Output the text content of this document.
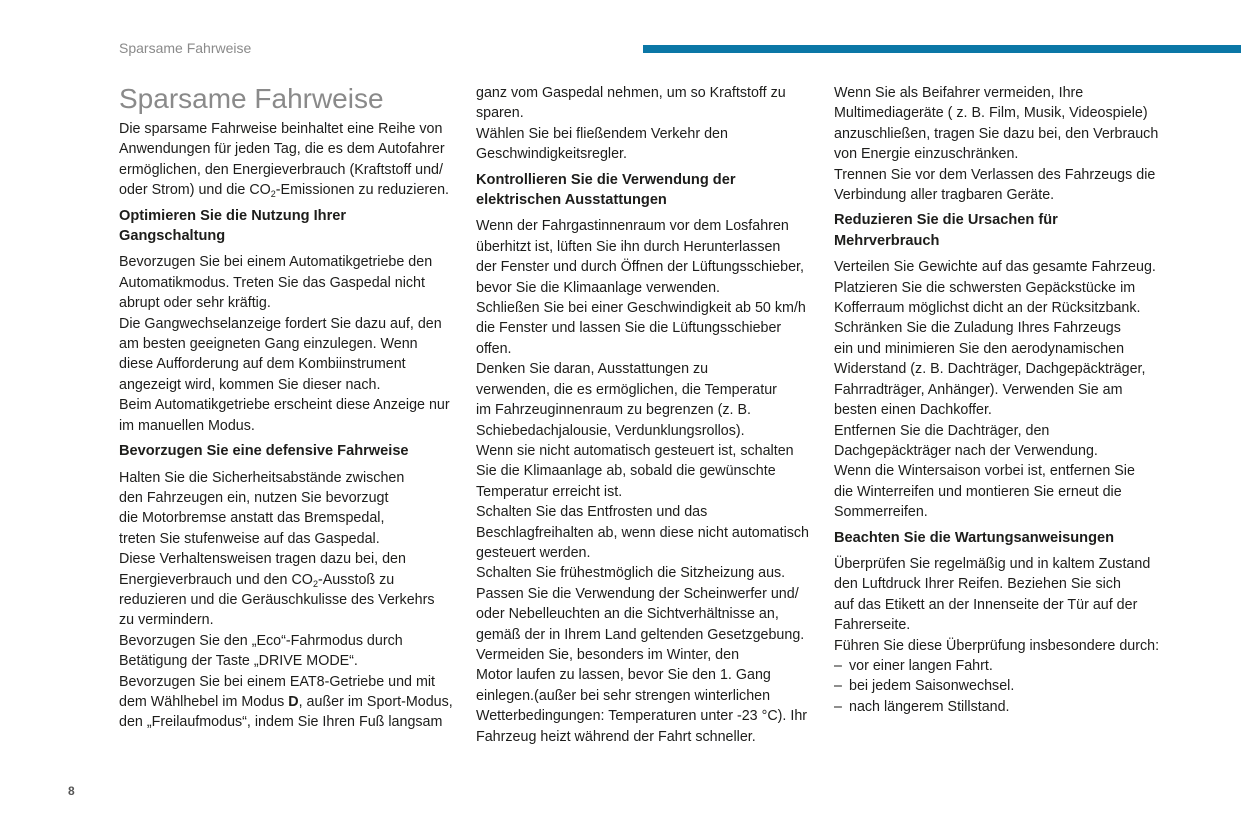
Sparsame Fahrweise
Sparsame Fahrweise
Die sparsame Fahrweise beinhaltet eine Reihe von
Anwendungen für jeden Tag, die es dem Autofahrer
ermöglichen, den Energieverbrauch (Kraftstoff und/
oder Strom) und die $CO_2$-Emissionen zu reduzieren.
Optimieren Sie die Nutzung Ihrer
Gangschaltung
Bevorzugen Sie bei einem Automatikgetriebe den
Automatikmodus. Treten Sie das Gaspedal nicht
abrupt oder sehr kräftig.
Die Gangwechselanzeige fordert Sie dazu auf, den
am besten geeigneten Gang einzulegen. Wenn
diese Aufforderung auf dem Kombiinstrument
angezeigt wird, kommen Sie dieser nach.
Beim Automatikgetriebe erscheint diese Anzeige nur
im manuellen Modus.
Bevorzugen Sie eine defensive Fahrweise
Halten Sie die Sicherheitsabstände zwischen
den Fahrzeugen ein, nutzen Sie bevorzugt
die Motorbremse anstatt das Bremspedal,
treten Sie stufenweise auf das Gaspedal.
Diese Verhaltensweisen tragen dazu bei, den
Energieverbrauch und den $CO_2$-Ausstoß zu
reduzieren und die Geräuschkulisse des Verkehrs
zu vermindern.
Bevorzugen Sie den „Eco“-Fahrmodus durch
Betätigung der Taste „DRIVE MODE“.
Bevorzugen Sie bei einem EAT8-Getriebe und mit
dem Wählhebel im Modus D, außer im Sport-Modus,
den „Freilaufmodus“, indem Sie Ihren Fuß langsam
ganz vom Gaspedal nehmen, um so Kraftstoff zu
sparen.
Wählen Sie bei fließendem Verkehr den
Geschwindigkeitsregler.
Kontrollieren Sie die Verwendung der
elektrischen Ausstattungen
Wenn der Fahrgastinnenraum vor dem Losfahren
überhitzt ist, lüften Sie ihn durch Herunterlassen
der Fenster und durch Öffnen der Lüftungsschieber,
bevor Sie die Klimaanlage verwenden.
Schließen Sie bei einer Geschwindigkeit ab 50 km/h
die Fenster und lassen Sie die Lüftungsschieber
offen.
Denken Sie daran, Ausstattungen zu
verwenden, die es ermöglichen, die Temperatur
im Fahrzeuginnenraum zu begrenzen (z. B.
Schiebedachjalousie, Verdunklungsrollos).
Wenn sie nicht automatisch gesteuert ist, schalten
Sie die Klimaanlage ab, sobald die gewünschte
Temperatur erreicht ist.
Schalten Sie das Entfrosten und das
Beschlagfreihalten ab, wenn diese nicht automatisch
gesteuert werden.
Schalten Sie frühestmöglich die Sitzheizung aus.
Passen Sie die Verwendung der Scheinwerfer und/
oder Nebelleuchten an die Sichtverhältnisse an,
gemäß der in Ihrem Land geltenden Gesetzgebung.
Vermeiden Sie, besonders im Winter, den
Motor laufen zu lassen, bevor Sie den 1. Gang
einlegen.(außer bei sehr strengen winterlichen
Wetterbedingungen: Temperaturen unter -23 °C). Ihr
Fahrzeug heizt während der Fahrt schneller.
Wenn Sie als Beifahrer vermeiden, Ihre
Multimediageräte ( z. B. Film, Musik, Videospiele)
anzuschließen, tragen Sie dazu bei, den Verbrauch
von Energie einzuschränken.
Trennen Sie vor dem Verlassen des Fahrzeugs die
Verbindung aller tragbaren Geräte.
Reduzieren Sie die Ursachen für
Mehrverbrauch
Verteilen Sie Gewichte auf das gesamte Fahrzeug.
Platzieren Sie die schwersten Gepäckstücke im
Kofferraum möglichst dicht an der Rücksitzbank.
Schränken Sie die Zuladung Ihres Fahrzeugs
ein und minimieren Sie den aerodynamischen
Widerstand (z. B. Dachträger, Dachgepäckträger,
Fahrradträger, Anhänger). Verwenden Sie am
besten einen Dachkoffer.
Entfernen Sie die Dachträger, den
Dachgepäckträger nach der Verwendung.
Wenn die Wintersaison vorbei ist, entfernen Sie
die Winterreifen und montieren Sie erneut die
Sommerreifen.
Beachten Sie die Wartungsanweisungen
Überprüfen Sie regelmäßig und in kaltem Zustand
den Luftdruck Ihrer Reifen. Beziehen Sie sich
auf das Etikett an der Innenseite der Tür auf der
Fahrerseite.
Führen Sie diese Überprüfung insbesondere durch:
– vor einer langen Fahrt.
– bei jedem Saisonwechsel.
– nach längerem Stillstand.
8
